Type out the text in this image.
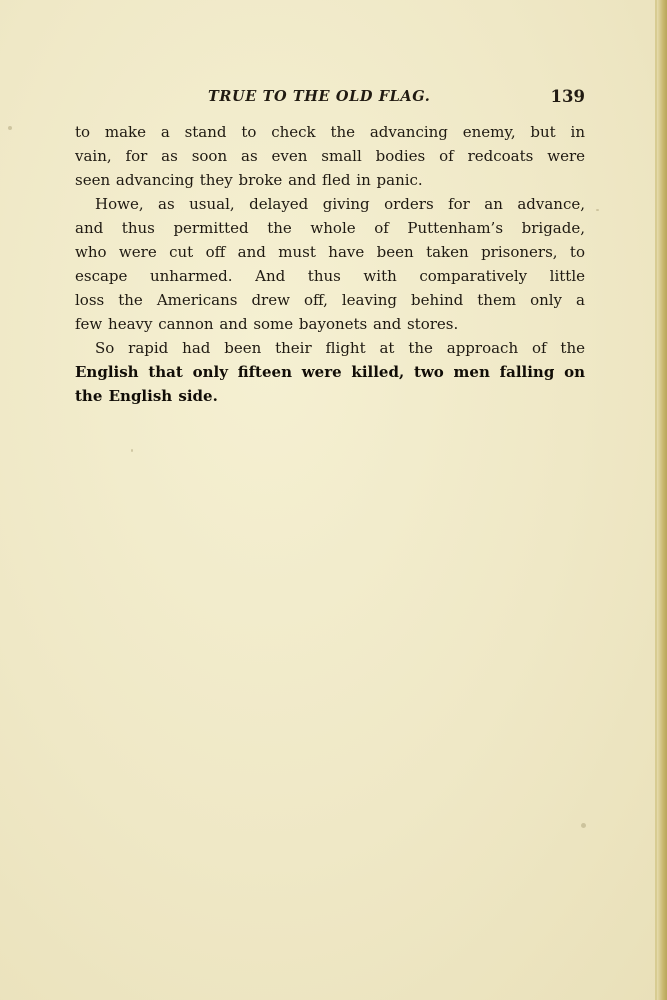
TRUE TO THE OLD FLAG.	139

to make a stand to check the advancing enemy, but in

vain, for as soon as even small bodies of redcoats were

seen advancing they broke and fled in panic.

Howe, as usual, delayed giving orders for an advance,

and thus permitted the whole of Puttenham’s brigade,

who were cut off and must have been taken prisoners, to

escape unharmed. And thus with comparatively little

loss the Americans drew off, leaving behind them only a

few heavy cannon and some bayonets and stores.

So rapid had been their flight at the approach of the

English that only fifteen were killed, two men falling on

the English side.
